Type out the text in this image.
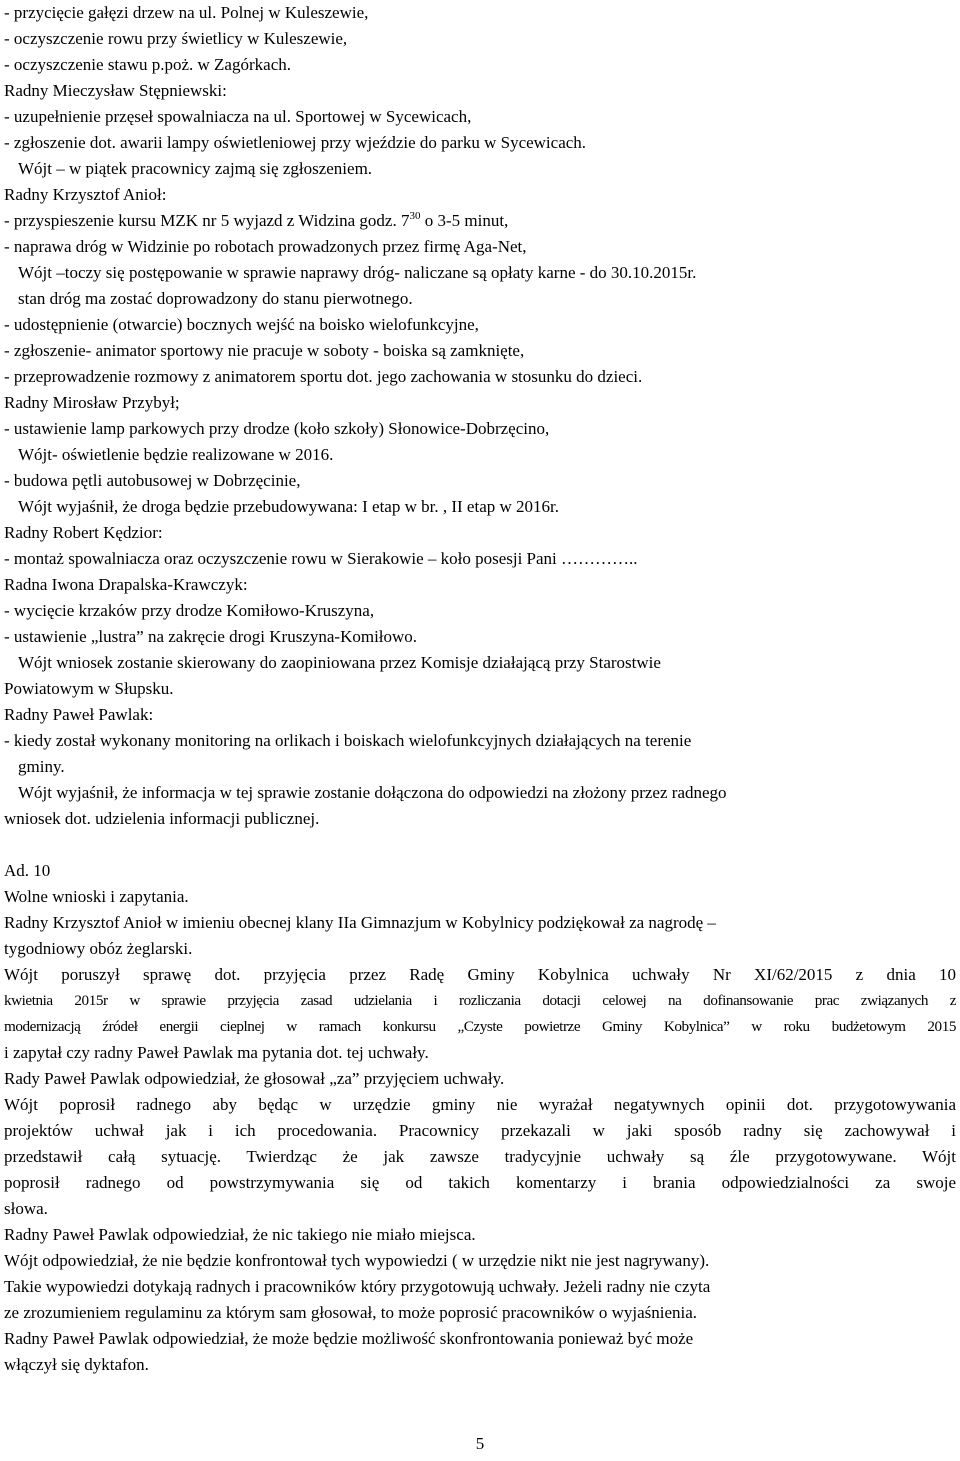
- przycięcie gałęzi drzew na ul. Polnej w Kuleszewie,
- oczyszczenie rowu przy świetlicy w Kuleszewie,
- oczyszczenie stawu p.poż. w Zagórkach.
Radny Mieczysław Stępniewski:
- uzupełnienie przęseł spowalniacza na ul. Sportowej w Sycewicach,
- zgłoszenie dot. awarii lampy oświetleniowej przy wjeździe do parku w Sycewicach.
Wójt – w piątek pracownicy zajmą się zgłoszeniem.
Radny Krzysztof Anioł:
- przyspieszenie kursu MZK nr 5 wyjazd z Widzina godz. $7^{30}$ o 3-5 minut,
- naprawa dróg w Widzinie po robotach prowadzonych przez firmę Aga-Net,
Wójt –toczy się postępowanie w sprawie naprawy dróg- naliczane są opłaty karne - do 30.10.2015r.
stan dróg ma zostać doprowadzony do stanu pierwotnego.
- udostępnienie (otwarcie) bocznych wejść na boisko wielofunkcyjne,
- zgłoszenie- animator sportowy nie pracuje w soboty - boiska są zamknięte,
- przeprowadzenie rozmowy z animatorem sportu dot. jego zachowania w stosunku do dzieci.
Radny Mirosław Przybył;
- ustawienie lamp parkowych przy drodze (koło szkoły) Słonowice-Dobrzęcino,
Wójt- oświetlenie będzie realizowane w 2016.
- budowa pętli autobusowej w Dobrzęcinie,
Wójt wyjaśnił, że droga będzie przebudowywana: I etap w br. , II etap w 2016r.
Radny Robert Kędzior:
- montaż spowalniacza oraz oczyszczenie rowu w Sierakowie – koło posesji Pani …………..
Radna Iwona Drapalska-Krawczyk:
- wycięcie krzaków przy drodze Komiłowo-Kruszyna,
- ustawienie „lustra” na zakręcie drogi Kruszyna-Komiłowo.
Wójt wniosek zostanie skierowany do zaopiniowana przez Komisje działającą przy Starostwie
Powiatowym w Słupsku.
Radny Paweł Pawlak:
- kiedy został wykonany monitoring na orlikach i boiskach wielofunkcyjnych działających na terenie
gminy.
Wójt wyjaśnił, że informacja w tej sprawie zostanie dołączona do odpowiedzi na złożony przez radnego
wniosek dot. udzielenia informacji publicznej.
Ad. 10
Wolne wnioski i zapytania.
Radny Krzysztof Anioł w imieniu obecnej klany IIa Gimnazjum w Kobylnicy podziękował za nagrodę –
tygodniowy obóz żeglarski.
Wójt poruszył sprawę dot. przyjęcia przez Radę Gminy Kobylnica uchwały Nr XI/62/2015 z dnia 10
kwietnia 2015r w sprawie przyjęcia zasad udzielania i rozliczania dotacji celowej na dofinansowanie prac związanych z
modernizacją źródeł energii cieplnej w ramach konkursu „Czyste powietrze Gminy Kobylnica” w roku budżetowym 2015
i zapytał czy radny Paweł Pawlak ma pytania dot. tej uchwały.
Rady Paweł Pawlak odpowiedział, że głosował „za” przyjęciem uchwały.
Wójt poprosił radnego aby będąc w urzędzie gminy nie wyrażał negatywnych opinii dot. przygotowywania
projektów uchwał jak i ich procedowania. Pracownicy przekazali w jaki sposób radny się zachowywał i
przedstawił całą sytuację. Twierdząc że jak zawsze tradycyjnie uchwały są źle przygotowywane. Wójt
poprosił radnego od powstrzymywania się od takich komentarzy i brania odpowiedzialności za swoje
słowa.
Radny Paweł Pawlak odpowiedział, że nic takiego nie miało miejsca.
Wójt odpowiedział, że nie będzie konfrontował tych wypowiedzi ( w urzędzie nikt nie jest nagrywany).
Takie wypowiedzi dotykają radnych i pracowników który przygotowują uchwały. Jeżeli radny nie czyta
ze zrozumieniem regulaminu za którym sam głosował, to może poprosić pracowników o wyjaśnienia.
Radny Paweł Pawlak odpowiedział, że może będzie możliwość skonfrontowania ponieważ być może
włączył się dyktafon.
5
